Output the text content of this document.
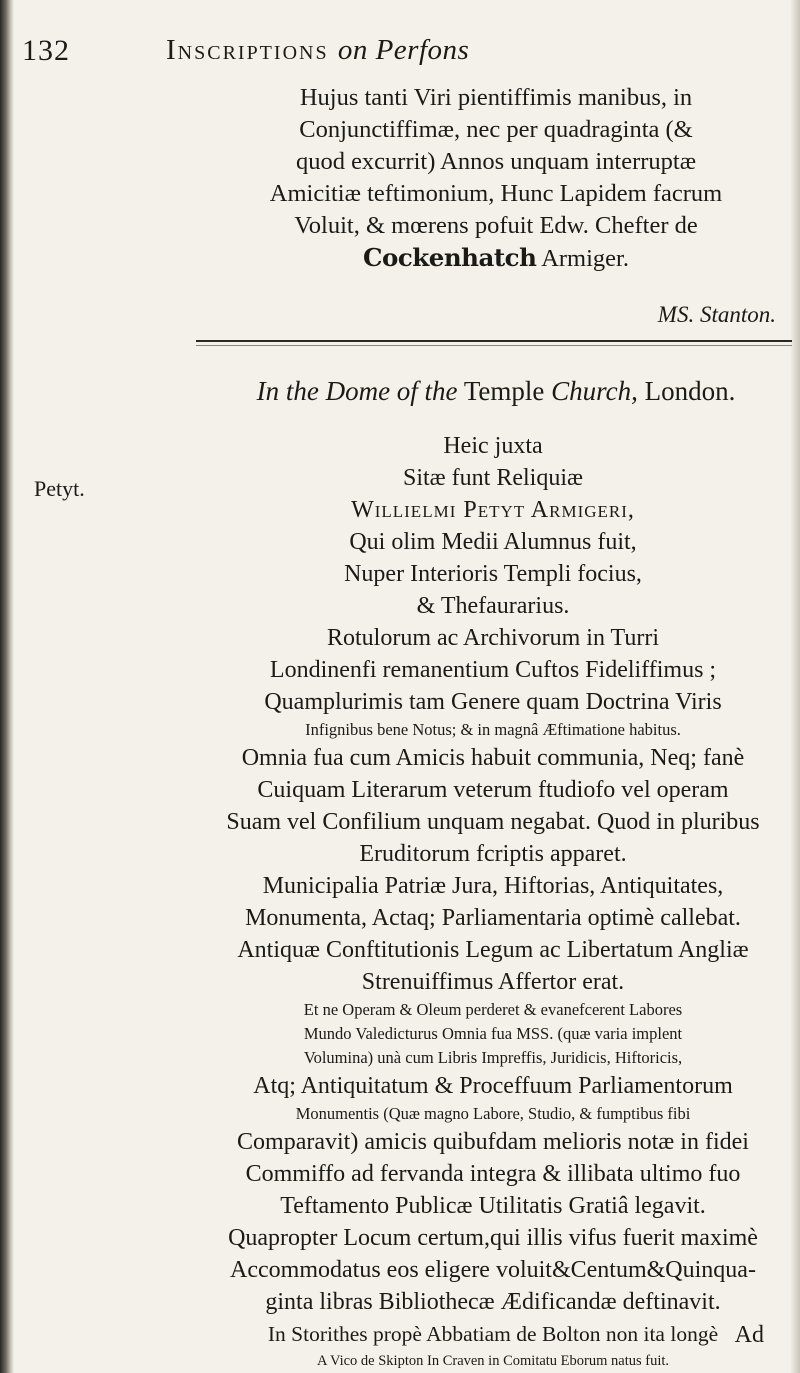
132	Inscriptions on Perfons
Hujus tanti Viri pientiffimis manibus, in
Conjunctiffimæ, nec per quadraginta (&
quod excurrit) Annos unquam interruptæ
Amicitiæ teftimonium, Hunc Lapidem facrum
Voluit, & mœrens pofuit Edw. Chefter de
Cockenhatch Armiger.
MS. Stanton.
In the Dome of the Temple Church, London.
Petyt.
Heic juxta
Sitæ funt Reliquiæ
Willielmi Petyt Armigeri,
Qui olim Medii Alumnus fuit,
Nuper Interioris Templi focius,
& Thefaurarius.
Rotulorum ac Archivorum in Turri
Londinenfi remanentium Cuftos Fideliffimus ;
Quamplurimis tam Genere quam Doctrina Viris
Infignibus bene Notus; & in magnâ Æftimatione habitus.
Omnia fua cum Amicis habuit communia, Neq; fanè
Cuiquam Literarum veterum ftudiofo vel operam
Suam vel Confilium unquam negabat. Quod in pluribus
Eruditorum fcriptis apparet.
Municipalia Patriæ Jura, Hiftorias, Antiquitates,
Monumenta, Actaq; Parliamentaria optimè callebat.
Antiquæ Conftitutionis Legum ac Libertatum Angliæ
Strenuiffimus Affertor erat.
Et ne Operam & Oleum perderet & evanefcerent Labores
Mundo Valedicturus Omnia fua MSS. (quæ varia implent
Volumina) unà cum Libris Impreffis, Juridicis, Hiftoricis,
Atq; Antiquitatum & Proceffuum Parliamentorum
Monumentis (Quæ magno Labore, Studio, & fumptibus fibi
Comparavit) amicis quibufdam melioris notæ in fidei
Commiffo ad fervanda integra & illibata ultimo fuo
Teftamento Publicæ Utilitatis Gratiâ legavit.
Quapropter Locum certum,qui illis vifus fuerit maximè
Accommodatus eos eligere voluit&Centum&Quinqua-
ginta libras Bibliothecæ Ædificandæ deftinavit.
In Storithes propè Abbatiam de Bolton non ita longè
A Vico de Skipton In Craven in Comitatu Eborum natus fuit.
Ad
